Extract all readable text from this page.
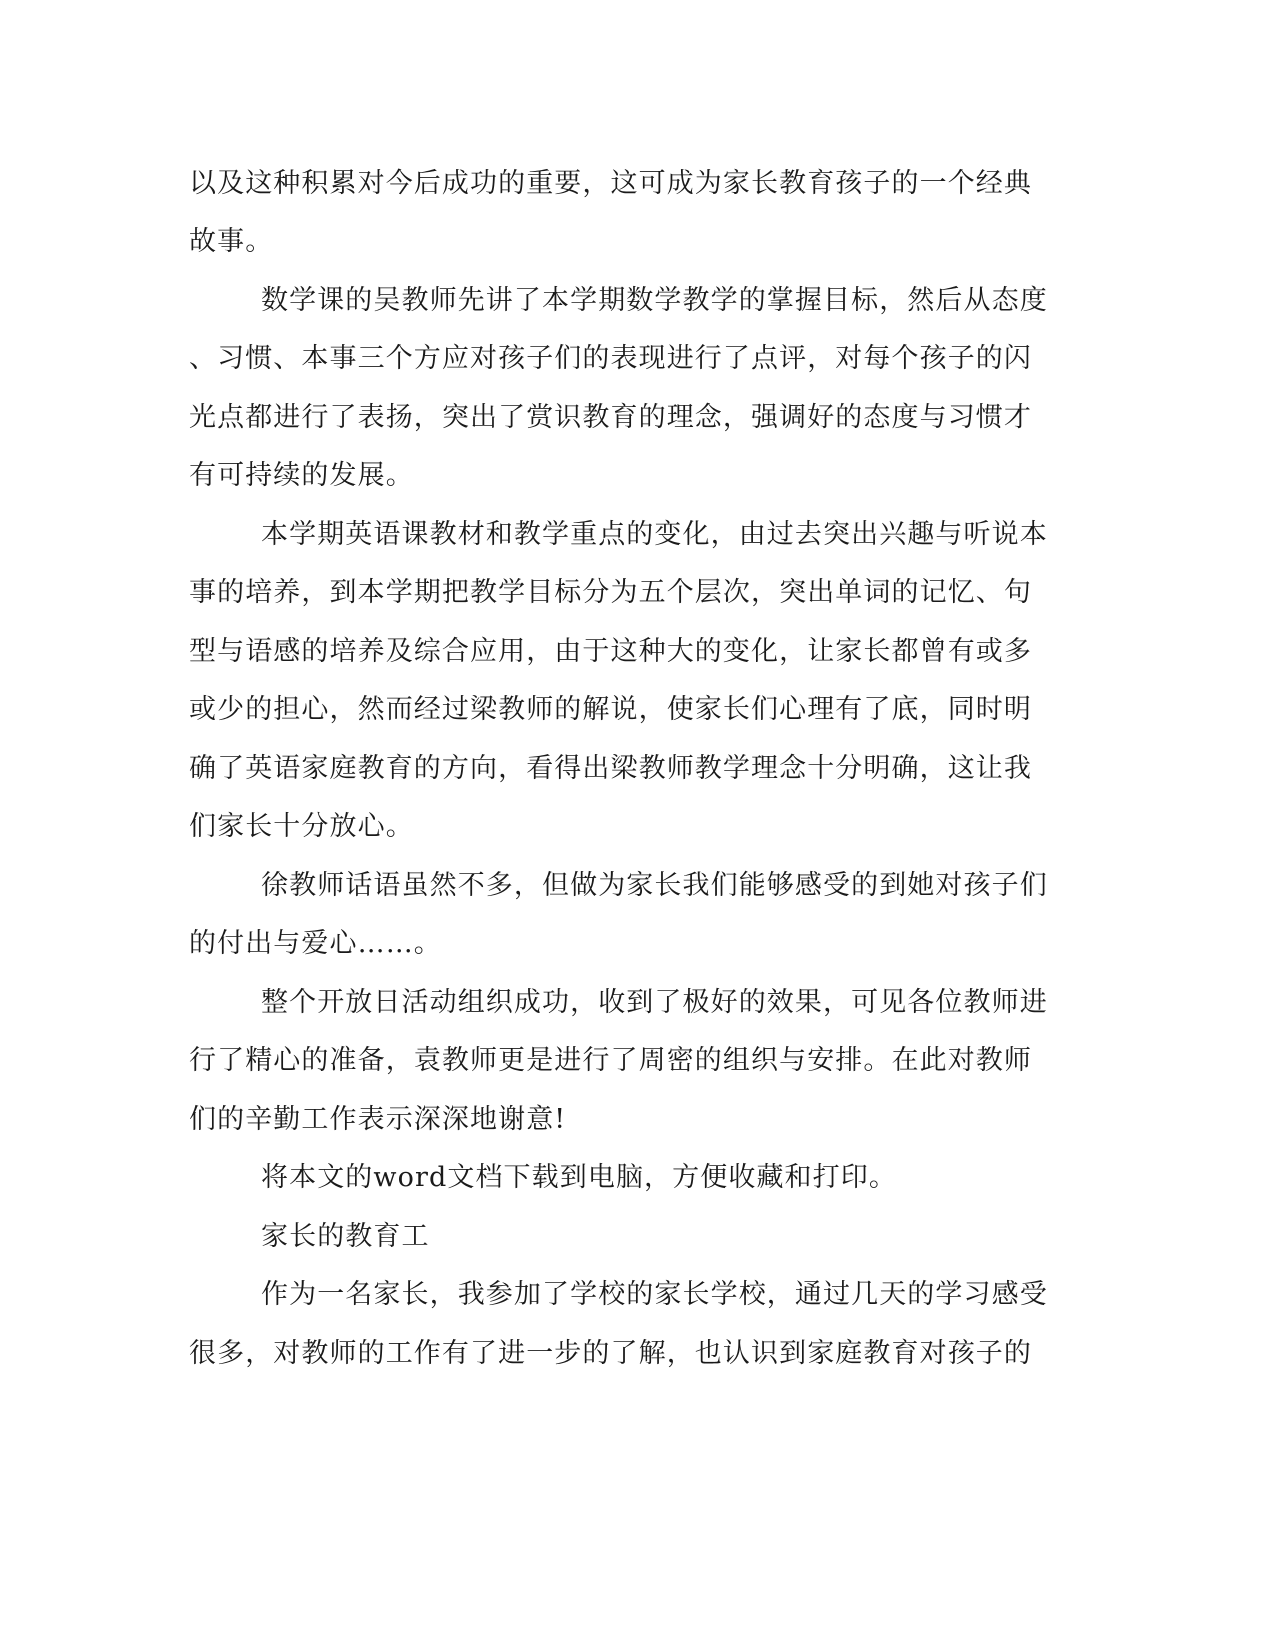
以及这种积累对今后成功的重要，这可成为家长教育孩子的一个经典
故事。
数学课的吴教师先讲了本学期数学教学的掌握目标，然后从态度
、习惯、本事三个方应对孩子们的表现进行了点评，对每个孩子的闪
光点都进行了表扬，突出了赏识教育的理念，强调好的态度与习惯才
有可持续的发展。
本学期英语课教材和教学重点的变化，由过去突出兴趣与听说本
事的培养，到本学期把教学目标分为五个层次，突出单词的记忆、句
型与语感的培养及综合应用，由于这种大的变化，让家长都曾有或多
或少的担心，然而经过梁教师的解说，使家长们心理有了底，同时明
确了英语家庭教育的方向，看得出梁教师教学理念十分明确，这让我
们家长十分放心。
徐教师话语虽然不多，但做为家长我们能够感受的到她对孩子们
的付出与爱心……。
整个开放日活动组织成功，收到了极好的效果，可见各位教师进
行了精心的准备，袁教师更是进行了周密的组织与安排。在此对教师
们的辛勤工作表示深深地谢意!
将本文的word文档下载到电脑，方便收藏和打印。
家长的教育工
作为一名家长，我参加了学校的家长学校，通过几天的学习感受
很多，对教师的工作有了进一步的了解，也认识到家庭教育对孩子的
